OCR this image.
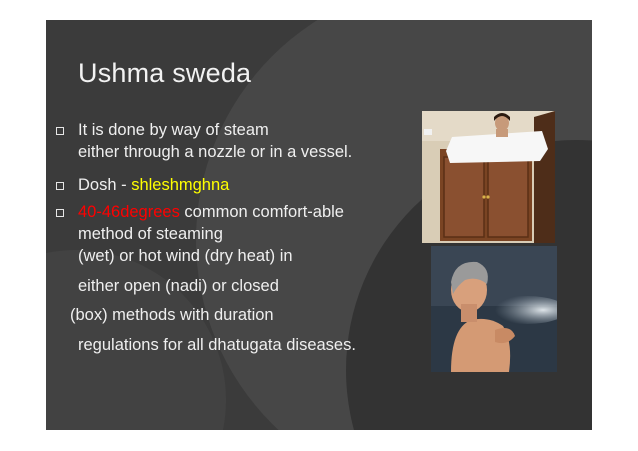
Ushma sweda
It is done by way of steam
either through a nozzle or in a vessel.
Dosh - shleshmghna
40-46degrees common comfort-able
method of steaming
(wet) or hot wind (dry heat) in
either open (nadi) or closed
(box) methods with duration
regulations for all dhatugata diseases.
